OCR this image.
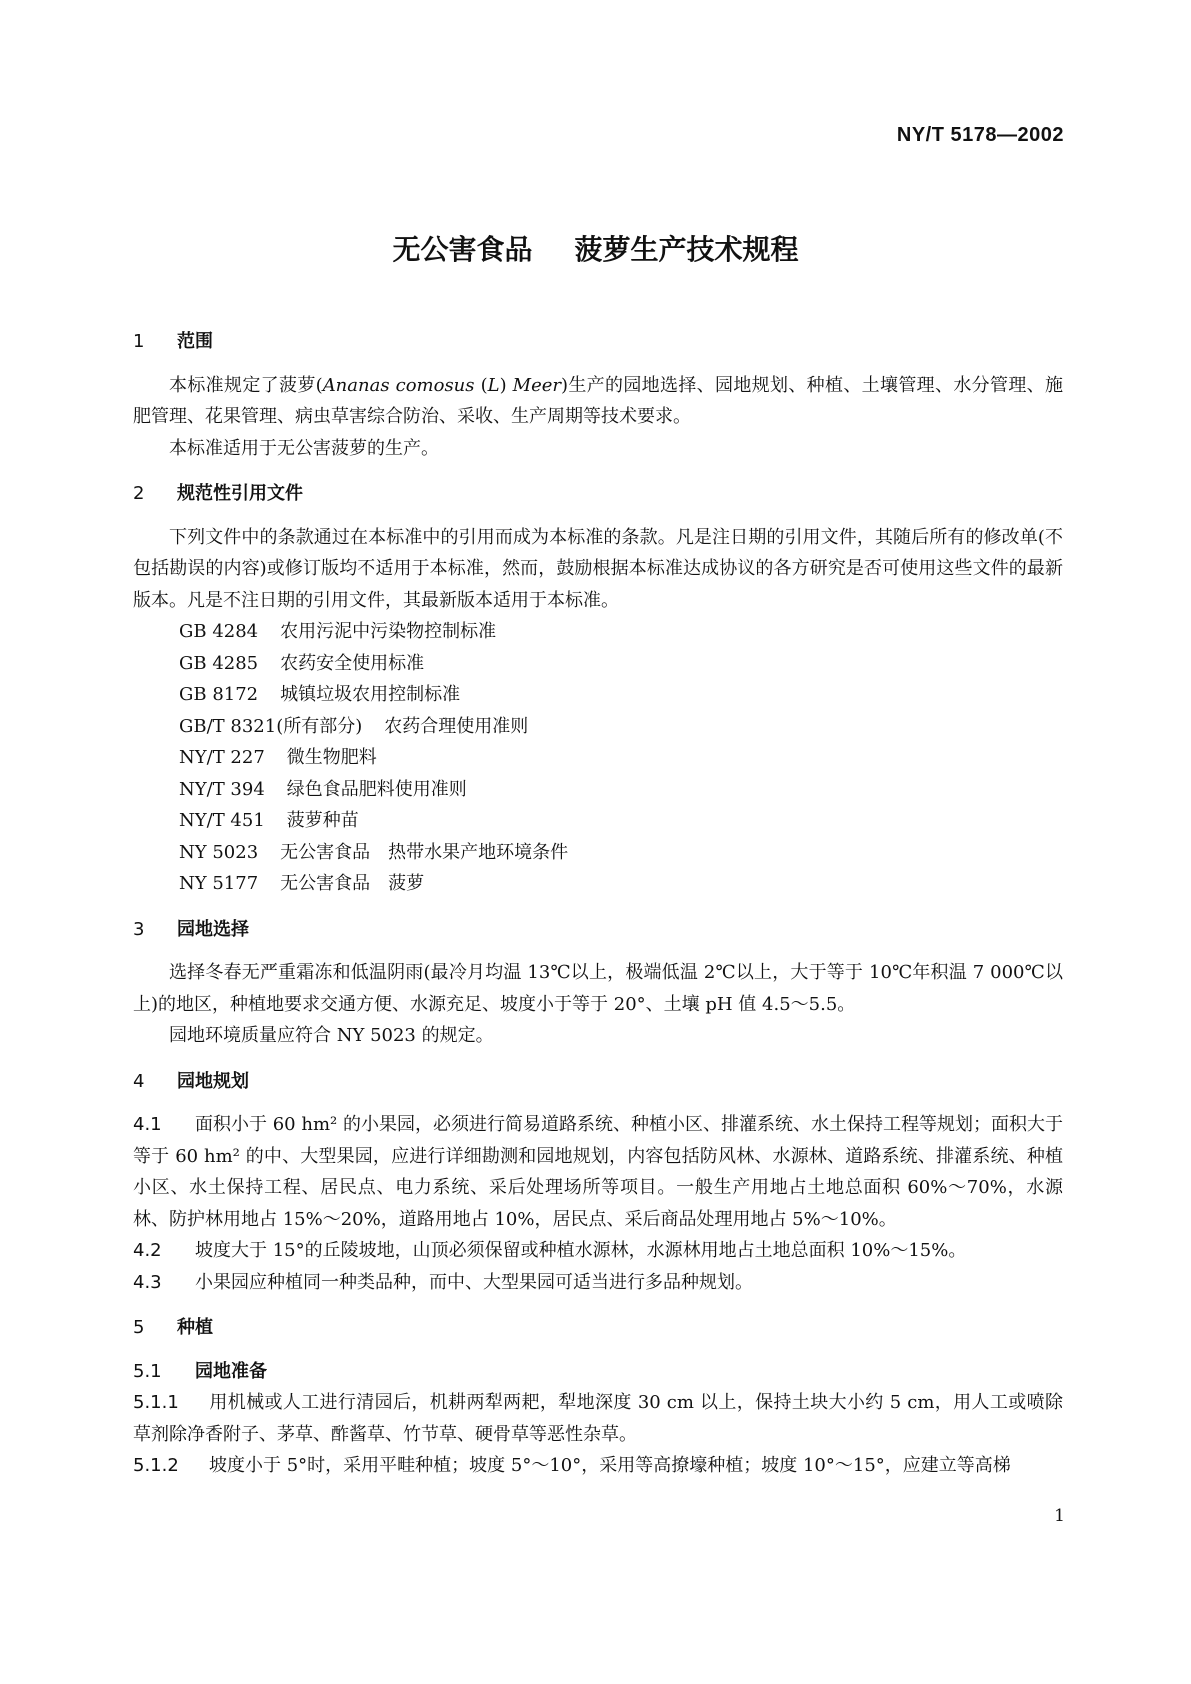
NY/T 5178—2002
无公害食品 菠萝生产技术规程
1 范围

本标准规定了菠萝(Ananas comosus (L) Meer)生产的园地选择、园地规划、种植、土壤管理、水分管理、施肥管理、花果管理、病虫草害综合防治、采收、生产周期等技术要求。

本标准适用于无公害菠萝的生产。

2 规范性引用文件

下列文件中的条款通过在本标准中的引用而成为本标准的条款。凡是注日期的引用文件，其随后所有的修改单(不包括勘误的内容)或修订版均不适用于本标准，然而，鼓励根据本标准达成协议的各方研究是否可使用这些文件的最新版本。凡是不注日期的引用文件，其最新版本适用于本标准。

GB 4284 农用污泥中污染物控制标准

GB 4285 农药安全使用标准

GB 8172 城镇垃圾农用控制标准

GB/T 8321(所有部分) 农药合理使用准则

NY/T 227 微生物肥料

NY/T 394 绿色食品肥料使用准则

NY/T 451 菠萝种苗

NY 5023 无公害食品　热带水果产地环境条件

NY 5177 无公害食品　菠萝

3 园地选择

选择冬春无严重霜冻和低温阴雨(最冷月均温 13℃以上，极端低温 2℃以上，大于等于 10℃年积温 7 000℃以上)的地区，种植地要求交通方便、水源充足、坡度小于等于 20°、土壤 pH 值 4.5～5.5。

园地环境质量应符合 NY 5023 的规定。

4 园地规划

4.1 面积小于 60 hm² 的小果园，必须进行简易道路系统、种植小区、排灌系统、水土保持工程等规划；面积大于等于 60 hm² 的中、大型果园，应进行详细勘测和园地规划，内容包括防风林、水源林、道路系统、排灌系统、种植小区、水土保持工程、居民点、电力系统、采后处理场所等项目。一般生产用地占土地总面积 60%～70%，水源林、防护林用地占 15%～20%，道路用地占 10%，居民点、采后商品处理用地占 5%～10%。

4.2 坡度大于 15°的丘陵坡地，山顶必须保留或种植水源林，水源林用地占土地总面积 10%～15%。

4.3 小果园应种植同一种类品种，而中、大型果园可适当进行多品种规划。

5 种植
5.1 园地准备

5.1.1 用机械或人工进行清园后，机耕两犁两耙，犁地深度 30 cm 以上，保持土块大小约 5 cm，用人工或喷除草剂除净香附子、茅草、酢酱草、竹节草、硬骨草等恶性杂草。

5.1.2 坡度小于 5°时，采用平畦种植；坡度 5°～10°，采用等高撩壕种植；坡度 10°～15°，应建立等高梯

1
